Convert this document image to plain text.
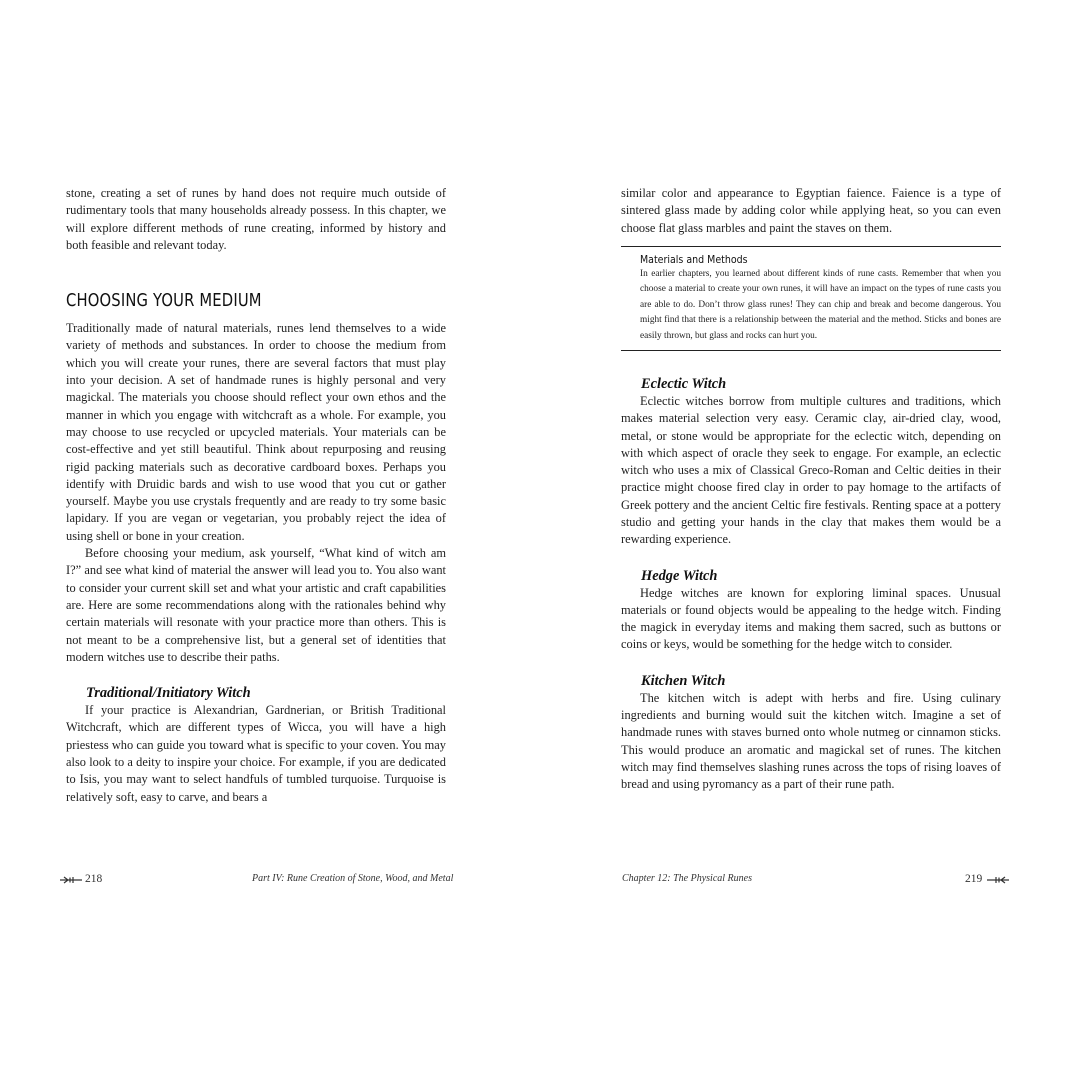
stone, creating a set of runes by hand does not require much outside of rudimentary tools that many households already possess. In this chapter, we will explore different methods of rune creating, informed by history and both feasible and relevant today.

CHOOSING YOUR MEDIUM

Traditionally made of natural materials, runes lend themselves to a wide variety of methods and substances. In order to choose the medium from which you will create your runes, there are several factors that must play into your decision. A set of handmade runes is highly personal and very magickal. The materials you choose should reflect your own ethos and the manner in which you engage with witchcraft as a whole. For example, you may choose to use recycled or upcycled materials. Your materials can be cost-effective and yet still beautiful. Think about repurposing and reusing rigid packing materials such as decorative cardboard boxes. Perhaps you identify with Druidic bards and wish to use wood that you cut or gather yourself. Maybe you use crystals frequently and are ready to try some basic lapidary. If you are vegan or vegetarian, you probably reject the idea of using shell or bone in your creation.

Before choosing your medium, ask yourself, “What kind of witch am I?” and see what kind of material the answer will lead you to. You also want to consider your current skill set and what your artistic and craft capabilities are. Here are some recommendations along with the rationales behind why certain materials will resonate with your practice more than others. This is not meant to be a comprehensive list, but a general set of identities that modern witches use to describe their paths.

Traditional/Initiatory Witch

If your practice is Alexandrian, Gardnerian, or British Traditional Witchcraft, which are different types of Wicca, you will have a high priestess who can guide you toward what is specific to your coven. You may also look to a deity to inspire your choice. For example, if you are dedicated to Isis, you may want to select handfuls of tumbled turquoise. Turquoise is relatively soft, easy to carve, and bears a

similar color and appearance to Egyptian faience. Faience is a type of sintered glass made by adding color while applying heat, so you can even choose flat glass marbles and paint the staves on them.

Materials and Methods

In earlier chapters, you learned about different kinds of rune casts. Remember that when you choose a material to create your own runes, it will have an impact on the types of rune casts you are able to do. Don’t throw glass runes! They can chip and break and become dangerous. You might find that there is a relationship between the material and the method. Sticks and bones are easily thrown, but glass and rocks can hurt you.

Eclectic Witch

Eclectic witches borrow from multiple cultures and traditions, which makes material selection very easy. Ceramic clay, air-dried clay, wood, metal, or stone would be appropriate for the eclectic witch, depending on with which aspect of oracle they seek to engage. For example, an eclectic witch who uses a mix of Classical Greco-Roman and Celtic deities in their practice might choose fired clay in order to pay homage to the artifacts of Greek pottery and the ancient Celtic fire festivals. Renting space at a pottery studio and getting your hands in the clay that makes them would be a rewarding experience.

Hedge Witch

Hedge witches are known for exploring liminal spaces. Unusual materials or found objects would be appealing to the hedge witch. Finding the magick in everyday items and making them sacred, such as buttons or coins or keys, would be something for the hedge witch to consider.

Kitchen Witch

The kitchen witch is adept with herbs and fire. Using culinary ingredients and burning would suit the kitchen witch. Imagine a set of handmade runes with staves burned onto whole nutmeg or cinnamon sticks. This would produce an aromatic and magickal set of runes. The kitchen witch may find themselves slashing runes across the tops of rising loaves of bread and using pyromancy as a part of their rune path.

218	Part IV: Rune Creation of Stone, Wood, and Metal	Chapter 12: The Physical Runes	219
